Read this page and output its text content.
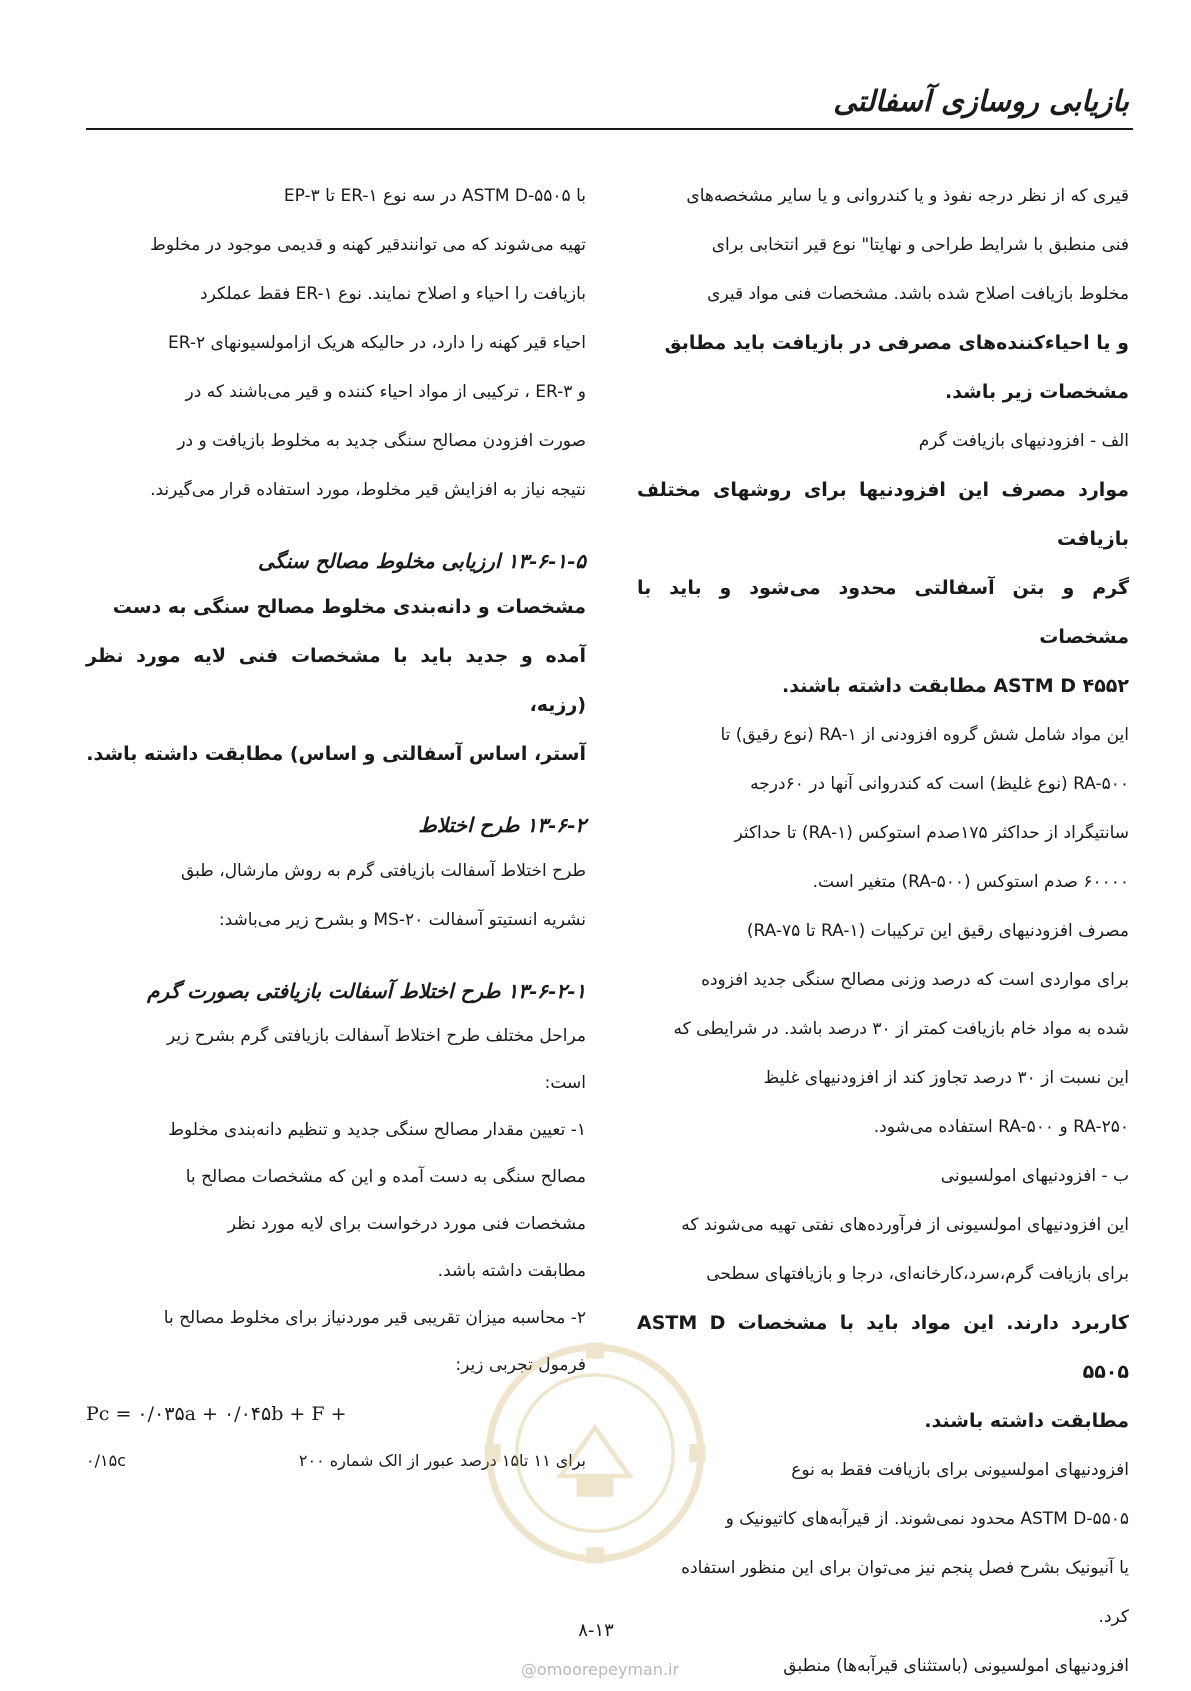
بازیابی روسازی آسفالتی

قیری که از نظر درجه نفوذ و یا کندروانی و یا سایر مشخصه‌های

فنی منطبق با شرایط طراحی و نهایتا" نوع قیر انتخابی برای

مخلوط بازیافت اصلاح شده باشد. مشخصات فنی مواد قیری

و یا احیاءکننده‌های مصرفی در بازیافت باید مطابق

مشخصات زیر باشد.

الف - افزودنیهای بازیافت گرم

موارد مصرف این افزودنیها برای روشهای مختلف بازیافت

گرم و بتن آسفالتی محدود می‌شود و باید با مشخصات

ASTM D ۴۵۵۲ مطابقت داشته باشند.

این مواد شامل شش گروه افزودنی از RA-۱ (نوع رقیق) تا

RA-۵۰۰ (نوع غلیظ) است که کندروانی آنها در ۶۰درجه

سانتیگراد از حداکثر ۱۷۵صدم استوکس (RA-۱) تا حداکثر

۶۰۰۰۰ صدم استوکس (RA-۵۰۰) متغیر است.

مصرف افزودنیهای رقیق این ترکیبات (RA-۱ تا RA-۷۵)

برای مواردی است که درصد وزنی مصالح سنگی جدید افزوده

شده به مواد خام بازیافت کمتر از ۳۰ درصد باشد. در شرایطی که

این نسبت از ۳۰ درصد تجاوز کند از افزودنیهای غلیظ

RA-۲۵۰ و RA-۵۰۰ استفاده می‌شود.

ب - افزودنیهای امولسیونی

این افزودنیهای امولسیونی از فرآورده‌های نفتی تهیه می‌شوند که

برای بازیافت گرم،سرد،کارخانه‌ای، درجا و بازیافتهای سطحی

کاربرد دارند. این مواد باید با مشخصات ASTM D ۵۵۰۵

مطابقت داشته باشند.

افزودنیهای امولسیونی برای بازیافت فقط به نوع

ASTM D-۵۵۰۵ محدود نمی‌شوند. از قیرآبه‌های کاتیونیک و

یا آنیونیک بشرح فصل پنجم نیز می‌توان برای این منظور استفاده

کرد.

افزودنیهای امولسیونی (باستثنای قیرآبه‌ها) منطبق

با ASTM D-۵۵۰۵ در سه نوع ER-۱ تا EP-۳

تهیه می‌شوند که می توانندقیر کهنه و قدیمی موجود در مخلوط

بازیافت را احیاء و اصلاح نمایند. نوع ER-۱ فقط عملکرد

احیاء قیر کهنه را دارد، در حالیکه هریک ازامولسیونهای ER-۲

و ER-۳ ، ترکیبی از مواد احیاء کننده و قیر می‌باشند که در

صورت افزودن مصالح سنگی جدید به مخلوط بازیافت و در

نتیجه نیاز به افزایش قیر مخلوط، مورد استفاده قرار می‌گیرند.

۱۳-۶-۱-۵ ارزیابی مخلوط مصالح سنگی

مشخصات و دانه‌بندی مخلوط مصالح سنگی به دست

آمده و جدید باید با مشخصات فنی لایه مورد نظر (رزیه،

آستر، اساس آسفالتی و اساس) مطابقت داشته باشد.

۱۳-۶-۲ طرح اختلاط

طرح اختلاط آسفالت بازیافتی گرم به روش مارشال، طبق

نشریه انستیتو آسفالت MS-۲۰ و بشرح زیر می‌باشد:

۱۳-۶-۲-۱ طرح اختلاط آسفالت بازیافتی بصورت گرم

مراحل مختلف طرح اختلاط آسفالت بازیافتی گرم بشرح زیر

است:

۱- تعیین مقدار مصالح سنگی جدید و تنظیم دانه‌بندی مخلوط

مصالح سنگی به دست آمده و این که مشخصات مصالح با

مشخصات فنی مورد درخواست برای لایه مورد نظر

مطابقت داشته باشد.

۲- محاسبه میزان تقریبی قیر موردنیاز برای مخلوط مصالح با

فرمول تجربی زیر:

Pc = ۰/۰۳۵a + ۰/۰۴۵b + F +
برای ۱۱ تا۱۵ درصد عبور از الک شماره ۲۰۰
۰/۱۵c
۸-۱۳
@omoorepeyman.ir
